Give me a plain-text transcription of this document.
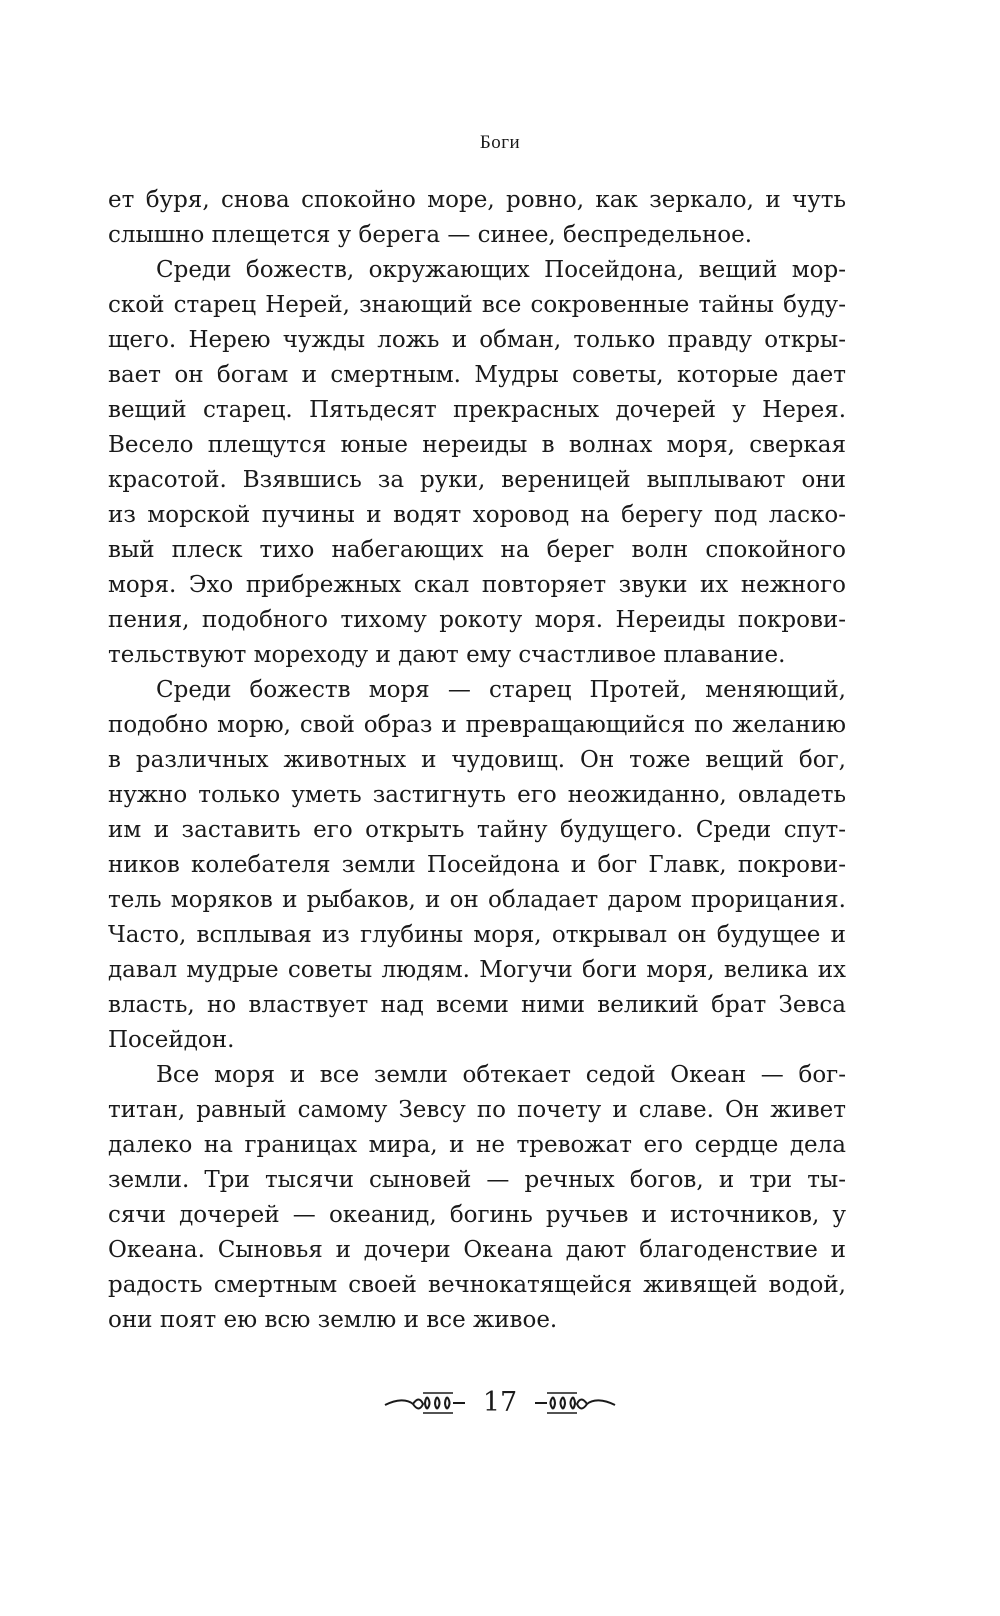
Боги
ет буря, снова спокойно море, ровно, как зеркало, и чуть
слышно плещется у берега — синее, беспредельное.
Среди божеств, окружающих Посейдона, вещий мор-
ской старец Нерей, знающий все сокровенные тайны буду-
щего. Нерею чужды ложь и обман, только правду откры-
вает он богам и смертным. Мудры советы, которые дает
вещий старец. Пятьдесят прекрасных дочерей у Нерея.
Весело плещутся юные нереиды в волнах моря, сверкая
красотой. Взявшись за руки, вереницей выплывают они
из морской пучины и водят хоровод на берегу под ласко-
вый плеск тихо набегающих на берег волн спокойного
моря. Эхо прибрежных скал повторяет звуки их нежного
пения, подобного тихому рокоту моря. Нереиды покрови-
тельствуют мореходу и дают ему счастливое плавание.
Среди божеств моря — старец Протей, меняющий,
подобно морю, свой образ и превращающийся по желанию
в различных животных и чудовищ. Он тоже вещий бог,
нужно только уметь застигнуть его неожиданно, овладеть
им и заставить его открыть тайну будущего. Среди спут-
ников колебателя земли Посейдона и бог Главк, покрови-
тель моряков и рыбаков, и он обладает даром прорицания.
Часто, всплывая из глубины моря, открывал он будущее и
давал мудрые советы людям. Могучи боги моря, велика их
власть, но властвует над всеми ними великий брат Зевса
Посейдон.
Все моря и все земли обтекает седой Океан — бог-
титан, равный самому Зевсу по почету и славе. Он живет
далеко на границах мира, и не тревожат его сердце дела
земли. Три тысячи сыновей — речных богов, и три ты-
сячи дочерей — океанид, богинь ручьев и источников, у
Океана. Сыновья и дочери Океана дают благоденствие и
радость смертным своей вечнокатящейся живящей водой,
они поят ею всю землю и все живое.
17
